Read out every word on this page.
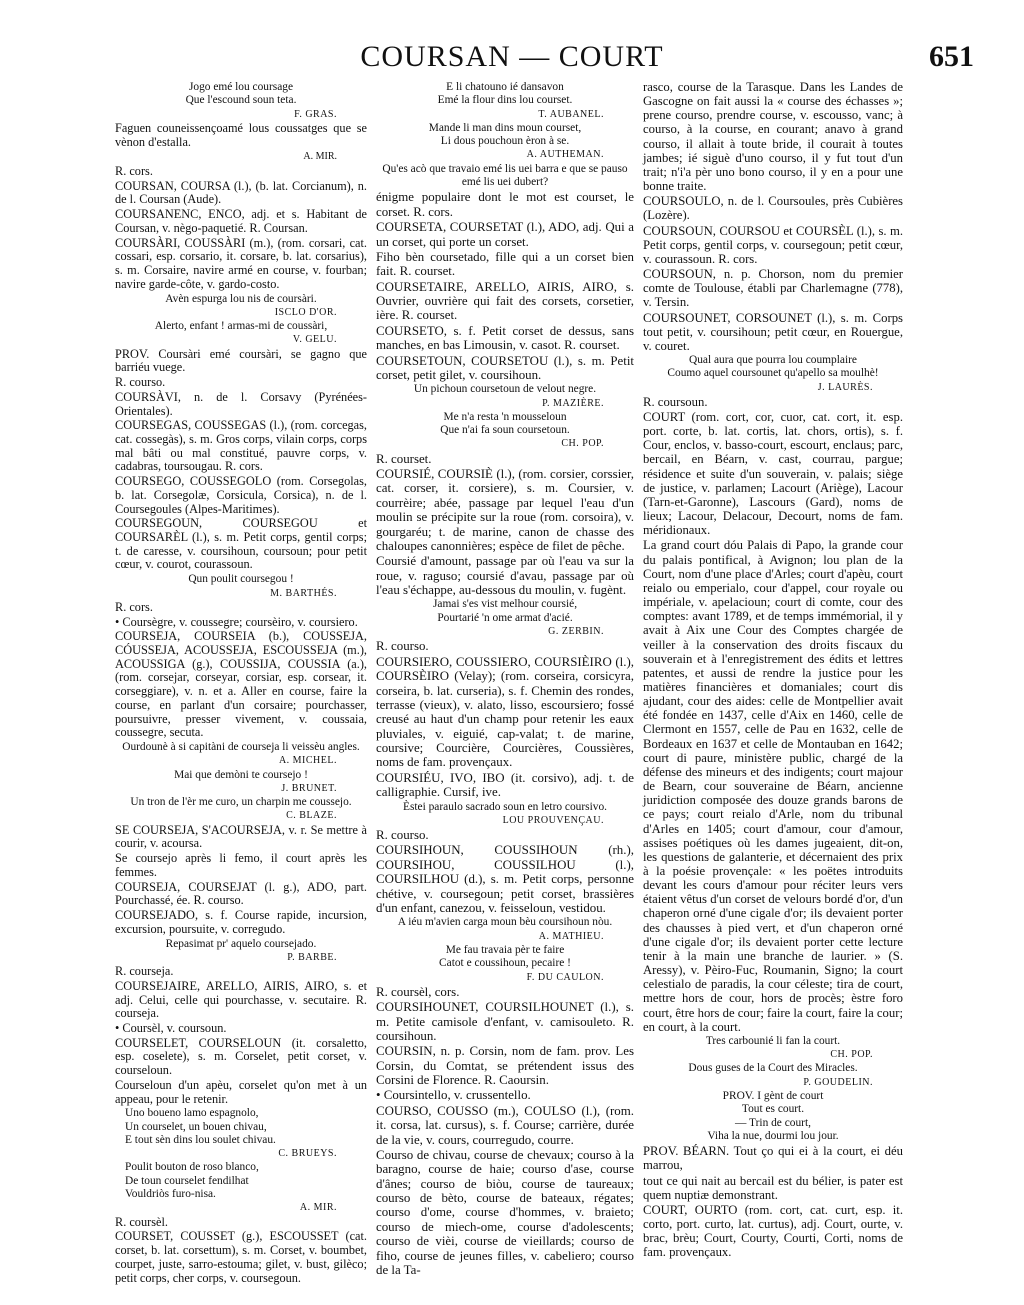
COURSAN — COURT	651
Jogo emé lou coursage
Que l'escound soun teta.
F. GRAS.

Faguen couneissençoamé lous coussatges que se vènon d'estalla.

A. MIR.

R. cors.

COURSAN, COURSA (l.), (b. lat. Corcianum), n. de l. Coursan (Aude).

COURSANENC, ENCO, adj. et s. Habitant de Coursan, v. nègo-paquetié. R. Coursan.

COURSÀRI, COUSSÀRI (m.), (rom. corsari, cat. cossari, esp. corsario, it. corsare, b. lat. corsarius), s. m. Corsaire, navire armé en course, v. fourban; navire garde-côte, v. gardo-costo.

Avèn espurga lou nis de coursàri.
ISCLO D'OR.
Alerto, enfant ! armas-mi de coussàri,
V. GELU.

PROV. Coursàri emé coursàri, se gagno que barriéu vuege.

R. courso.

COURSÀVI, n. de l. Corsavy (Pyrénées-Orientales).

COURSEGAS, COUSSEGAS (l.), (rom. corcegas, cat. cossegàs), s. m. Gros corps, vilain corps, corps mal bâti ou mal constitué, pauvre corps, v. cadabras, toursougau. R. cors.

COURSEGO, COUSSEGOLO (rom. Corsegolas, b. lat. Corsegolæ, Corsicula, Corsica), n. de l. Coursegoules (Alpes-Maritimes).

COURSEGOUN, COURSEGOU et COURSARÈL (l.), s. m. Petit corps, gentil corps; t. de caresse, v. coursihoun, coursoun; pour petit cœur, v. courot, courassoun.

Qun poulit coursegou !
M. BARTHÉS.

R. cors.

• Coursègre, v. coussegre; coursèiro, v. coursiero.

COURSEJA, COURSEIA (b.), COUSSEJA, CÓUSSEJA, ACOUSSEJA, ESCOUSSEJA (m.), ACOUSSIGA (g.), COUSSIJA, COUSSIA (a.), (rom. corsejar, corseyar, corsiar, esp. corsear, it. corseggiare), v. n. et a. Aller en course, faire la course, en parlant d'un corsaire; pourchasser, poursuivre, presser vivement, v. coussaia, coussegre, secuta.

Ourdounè à si capitàni de courseja li veissèu angles.
A. MICHEL.
Mai que demòni te coursejo !
J. BRUNET.
Un tron de l'èr me curo, un charpin me coussejo.
C. BLAZE.

SE COURSEJA, S'ACOURSEJA, v. r. Se mettre à courir, v. acoursa.

Se coursejo après li femo, il court après les femmes.

COURSEJA, COURSEJAT (l. g.), ADO, part. Pourchassé, ée. R. courso.

COURSEJADO, s. f. Course rapide, incursion, excursion, poursuite, v. corregudo.

Repasimat pr' aquelo coursejado.
P. BARBE.

R. courseja.

COURSEJAIRE, ARELLO, AIRIS, AIRO, s. et adj. Celui, celle qui pourchasse, v. secutaire. R. courseja.

• Coursèl, v. coursoun.

COURSELET, COURSELOUN (it. corsaletto, esp. coselete), s. m. Corselet, petit corset, v. courseloun.

Courseloun d'un apèu, corselet qu'on met à un appeau, pour le retenir.

Uno boueno lamo espagnolo,
Un courselet, un bouen chivau,
E tout sèn dins lou soulet chivau.
C. BRUEYS.
Poulit bouton de roso blanco,
De toun courselet fendilhat
Vouldriòs furo-nisa.
A. MIR.

R. coursèl.

COURSET, COUSSET (g.), ESCOUSSET (cat. corset, b. lat. corsettum), s. m. Corset, v. boumbet, courpet, juste, sarro-estouma; gilet, v. bust, gilèco; petit corps, cher corps, v. coursegoun.

E li chatouno ié dansavon
Emé la flour dins lou courset.
T. AUBANEL.
Mande li man dins moun courset,
Li dous pouchoun èron à se.
A. AUTHEMAN.
Qu'es acò que travaio emé lis uei barra e que se pauso emé lis uei dubert?

énigme populaire dont le mot est courset, le corset. R. cors.

COURSETA, COURSETAT (l.), ADO, adj. Qui a un corset, qui porte un corset.

Fiho bèn coursetado, fille qui a un corset bien fait. R. courset.

COURSETAIRE, ARELLO, AIRIS, AIRO, s. Ouvrier, ouvrière qui fait des corsets, corsetier, ière. R. courset.

COURSETO, s. f. Petit corset de dessus, sans manches, en bas Limousin, v. casot. R. courset.

COURSETOUN, COURSETOU (l.), s. m. Petit corset, petit gilet, v. coursihoun.

Un pichoun coursetoun de velout negre.
P. MAZIÈRE.
Me n'a resta 'n mousseloun
Que n'ai fa soun coursetoun.
CH. POP.

R. courset.

COURSIÉ, COURSIÈ (l.), (rom. corsier, corssier, cat. corser, it. corsiere), s. m. Coursier, v. courrèire; abée, passage par lequel l'eau d'un moulin se précipite sur la roue (rom. corsoira), v. gourgaréu; t. de marine, canon de chasse des chaloupes canonnières; espèce de filet de pêche.

Coursié d'amount, passage par où l'eau va sur la roue, v. raguso; coursié d'avau, passage par où l'eau s'échappe, au-dessous du moulin, v. fugènt.

Jamai s'es vist melhour coursié,
Pourtarié 'n ome armat d'acié.
G. ZERBIN.

R. courso.

COURSIERO, COUSSIERO, COURSIÈIRO (l.), COURSÈIRO (Velay); (rom. corseira, corsicyra, corseira, b. lat. curseria), s. f. Chemin des rondes, terrasse (vieux), v. alato, lisso, escoursiero; fossé creusé au haut d'un champ pour retenir les eaux pluviales, v. eiguié, cap-valat; t. de marine, coursive; Courcière, Courcières, Coussières, noms de fam. provençaux.

COURSIÉU, IVO, IBO (it. corsivo), adj. t. de calligraphie. Cursif, ive.

Èstei paraulo sacrado soun en letro coursivo.
LOU PROUVENÇAU.

R. courso.

COURSIHOUN, COUSSIHOUN (rh.), COURSIHOU, COUSSILHOU (l.), COURSILHOU (d.), s. m. Petit corps, personne chétive, v. coursegoun; petit corset, brassières d'un enfant, canezou, v. feisseloun, vestidou.

A iéu m'avien carga moun bèu coursihoun nòu.
A. MATHIEU.
Me fau travaia pèr te faire
Catot e coussihoun, pecaire !
F. DU CAULON.

R. coursèl, cors.

COURSIHOUNET, COURSILHOUNET (l.), s. m. Petite camisole d'enfant, v. camisouleto. R. coursihoun.

COURSIN, n. p. Corsin, nom de fam. prov. Les Corsin, du Comtat, se prétendent issus des Corsini de Florence. R. Caoursin.

• Coursintello, v. crussentello.

COURSO, COUSSO (m.), COULSO (l.), (rom. it. corsa, lat. cursus), s. f. Course; carrière, durée de la vie, v. cours, courregudo, courre.

Courso de chivau, course de chevaux; courso à la baragno, course de haie; courso d'ase, course d'ânes; courso de biòu, course de taureaux; courso de bèto, course de bateaux, régates; courso d'ome, course d'hommes, v. braieto; courso de miech-ome, course d'adolescents; courso de vièi, course de vieillards; courso de fiho, course de jeunes filles, v. cabeliero; courso de la Ta-

rasco, course de la Tarasque. Dans les Landes de Gascogne on fait aussi la « course des échasses »; prene courso, prendre course, v. escousso, vanc; à courso, à la course, en courant; anavo à grand courso, il allait à toute bride, il courait à toutes jambes; ié siguè d'uno courso, il y fut tout d'un trait; n'i'a pèr uno bono courso, il y en a pour une bonne traite.

COURSOULO, n. de l. Coursoules, près Cubières (Lozère).

COURSOUN, COURSOU et COURSÈL (l.), s. m. Petit corps, gentil corps, v. coursegoun; petit cœur, v. courassoun. R. cors.

COURSOUN, n. p. Chorson, nom du premier comte de Toulouse, établi par Charlemagne (778), v. Tersin.

COURSOUNET, CORSOUNET (l.), s. m. Corps tout petit, v. coursihoun; petit cœur, en Rouergue, v. couret.

Qual aura que pourra lou coumplaire
Coumo aquel coursounet qu'apello sa moulhè!
J. LAURÈS.

R. coursoun.

COURT (rom. cort, cor, cuor, cat. cort, it. esp. port. corte, b. lat. cortis, lat. chors, ortis), s. f. Cour, enclos, v. basso-court, escourt, enclaus; parc, bercail, en Béarn, v. cast, courrau, pargue; résidence et suite d'un souverain, v. palais; siège de justice, v. parlamen; Lacourt (Ariège), Lacour (Tarn-et-Garonne), Lascours (Gard), noms de lieux; Lacour, Delacour, Decourt, noms de fam. méridionaux.

La grand court dóu Palais di Papo, la grande cour du palais pontifical, à Avignon; lou plan de la Court, nom d'une place d'Arles; court d'apèu, court reialo ou emperialo, cour d'appel, cour royale ou impériale, v. apelacioun; court di comte, cour des comptes: avant 1789, et de temps immémorial, il y avait à Aix une Cour des Comptes chargée de veiller à la conservation des droits fiscaux du souverain et à l'enregistrement des édits et lettres patentes, et aussi de rendre la justice pour les matières financières et domaniales; court dis ajudant, cour des aides: celle de Montpellier avait été fondée en 1437, celle d'Aix en 1460, celle de Clermont en 1557, celle de Pau en 1632, celle de Bordeaux en 1637 et celle de Montauban en 1642; court di paure, ministère public, chargé de la défense des mineurs et des indigents; court majour de Bearn, cour souveraine de Béarn, ancienne juridiction composée des douze grands barons de ce pays; court reialo d'Arle, nom du tribunal d'Arles en 1405; court d'amour, cour d'amour, assises poétiques où les dames jugeaient, dit-on, les questions de galanterie, et décernaient des prix à la poésie provençale: « les poëtes introduits devant les cours d'amour pour réciter leurs vers étaient vêtus d'un corset de velours bordé d'or, d'un chaperon orné d'une cigale d'or; ils devaient porter des chausses à pied vert, et d'un chaperon orné d'une cigale d'or; ils devaient porter cette lecture tenir à la main une branche de laurier. » (S. Aressy), v. Pèiro-Fuc, Roumanin, Signo; la court celestialo de paradis, la cour céleste; tira de court, mettre hors de cour, hors de procès; èstre foro court, être hors de cour; faire la court, faire la cour; en court, à la court.

Tres carbounié li fan la court.
CH. POP.
Dous guses de la Court des Miracles.
P. GOUDELIN.
PROV. I gènt de court
Tout es court.
— Trin de court,
Viha la nue, dourmi lou jour.

PROV. BÉARN. Tout ço qui ei à la court, ei déu marrou,

tout ce qui nait au bercail est du bélier, is pater est quem nuptiæ demonstrant.

COURT, OURTO (rom. cort, cat. curt, esp. it. corto, port. curto, lat. curtus), adj. Court, ourte, v. brac, brèu; Court, Courty, Courti, Corti, noms de fam. provençaux.
